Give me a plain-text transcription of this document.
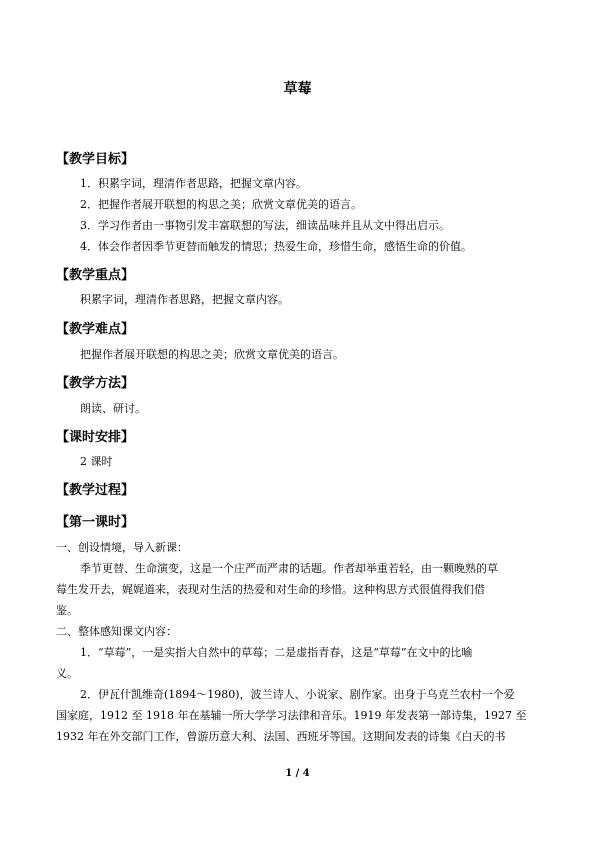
草莓
【教学目标】
1．积累字词，理清作者思路，把握文章内容。
2．把握作者展开联想的构思之美；欣赏文章优美的语言。
3．学习作者由一事物引发丰富联想的写法，细读品味并且从文中得出启示。
4．体会作者因季节更替而触发的情思；热爱生命，珍惜生命，感悟生命的价值。
【教学重点】
积累字词，理清作者思路，把握文章内容。
【教学难点】
把握作者展开联想的构思之美；欣赏文章优美的语言。
【教学方法】
朗读、研讨。
【课时安排】
2 课时
【教学过程】
【第一课时】
一、创设情境，导入新课：
季节更替、生命演变，这是一个庄严而严肃的话题。作者却举重若轻，由一颗晚熟的草
莓生发开去，娓娓道来，表现对生活的热爱和对生命的珍惜。这种构思方式很值得我们借
鉴。
二、整体感知课文内容：
1．“草莓”，一是实指大自然中的草莓；二是虚指青春，这是“草莓”在文中的比喻
义。
2．伊瓦什凯维奇(1894～1980)，波兰诗人、小说家、剧作家。出身于乌克兰农村一个爱
国家庭，1912 至 1918 年在基辅一所大学学习法律和音乐。1919 年发表第一部诗集，1927 至
1932 年在外交部门工作，曾游历意大利、法国、西班牙等国。这期间发表的诗集《白天的书
1 / 4
